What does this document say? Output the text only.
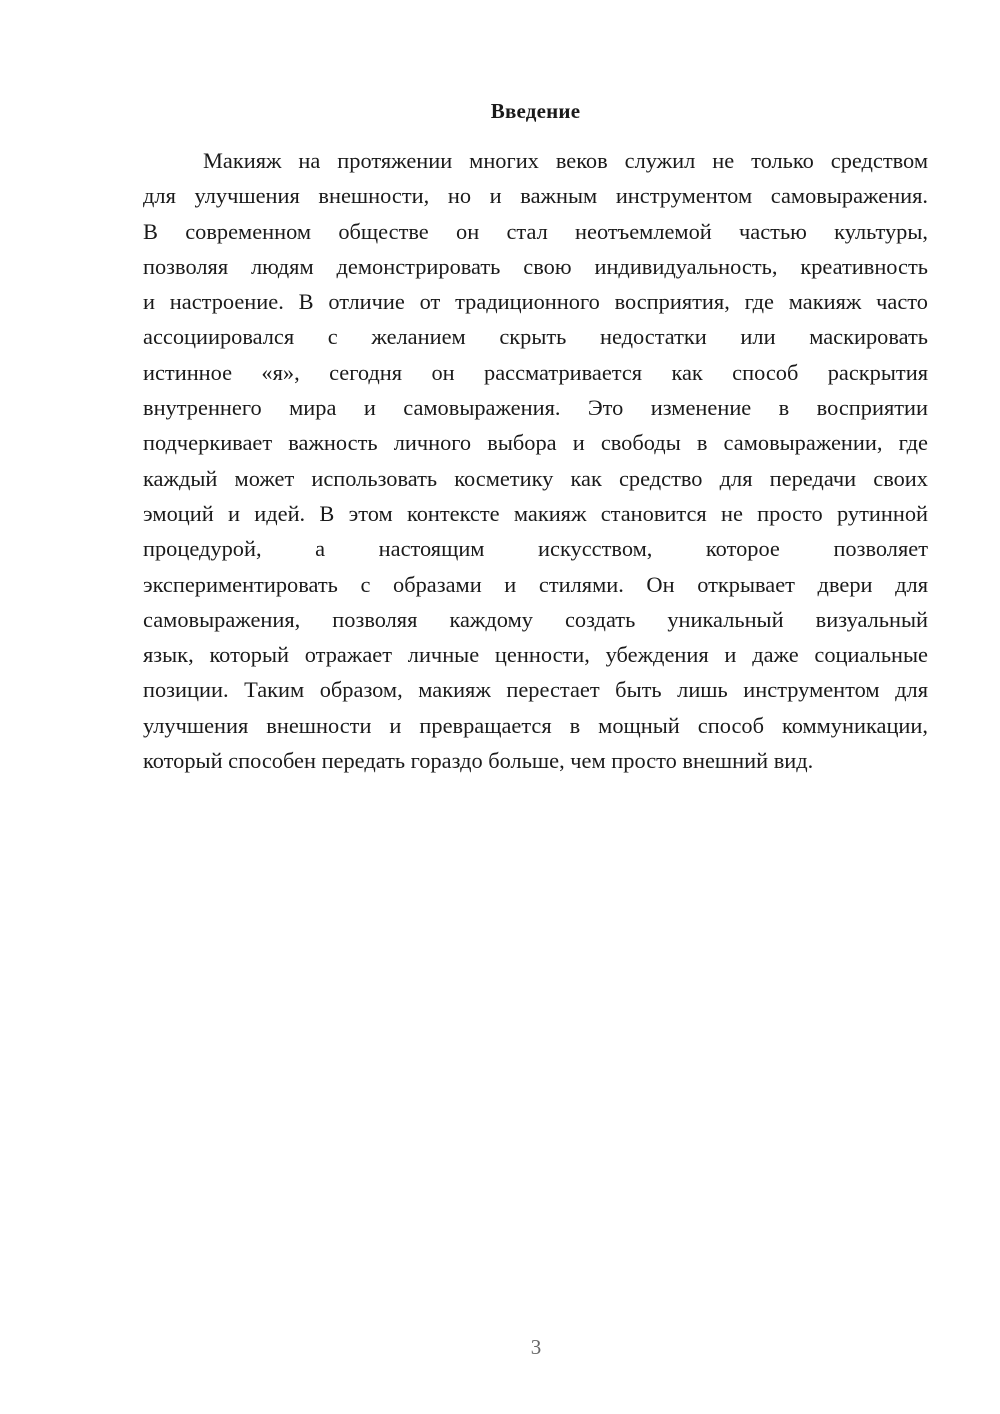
Введение
Макияж на протяжении многих веков служил не только средством
для улучшения внешности, но и важным инструментом самовыражения.
В современном обществе он стал неотъемлемой частью культуры,
позволяя людям демонстрировать свою индивидуальность, креативность
и настроение. В отличие от традиционного восприятия, где макияж часто
ассоциировался с желанием скрыть недостатки или маскировать
истинное «я», сегодня он рассматривается как способ раскрытия
внутреннего мира и самовыражения. Это изменение в восприятии
подчеркивает важность личного выбора и свободы в самовыражении, где
каждый может использовать косметику как средство для передачи своих
эмоций и идей. В этом контексте макияж становится не просто рутинной
процедурой, а настоящим искусством, которое позволяет
экспериментировать с образами и стилями. Он открывает двери для
самовыражения, позволяя каждому создать уникальный визуальный
язык, который отражает личные ценности, убеждения и даже социальные
позиции. Таким образом, макияж перестает быть лишь инструментом для
улучшения внешности и превращается в мощный способ коммуникации,
который способен передать гораздо больше, чем просто внешний вид.
3
